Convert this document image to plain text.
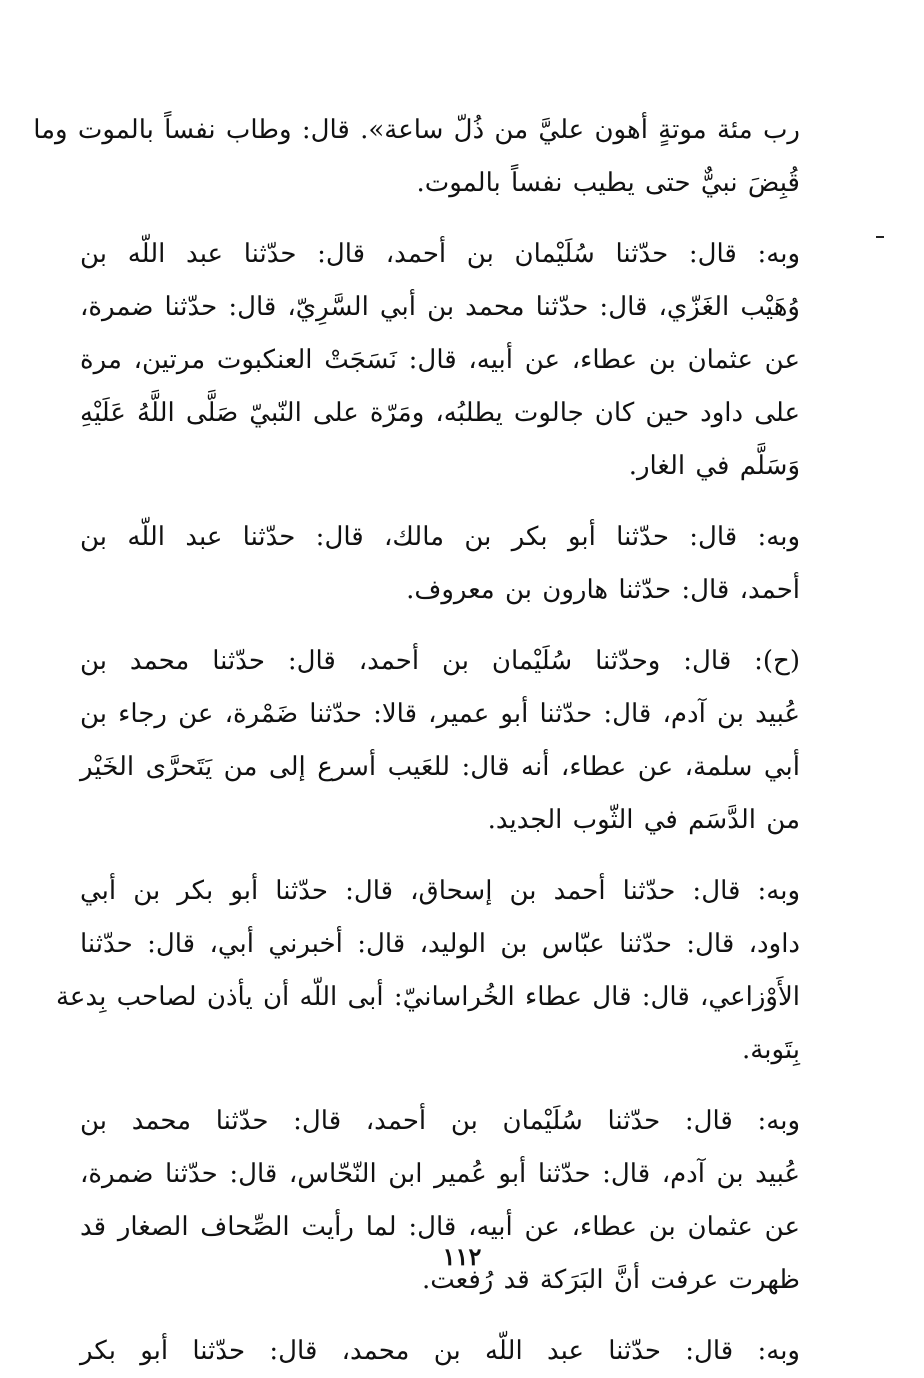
رب مئة موتةٍ أهون عليَّ من ذُلّ ساعة». قال: وطاب نفساً بالموت وما
قُبِضَ نبيٌّ حتى يطيب نفساً بالموت.
وبه: قال: حدّثنا سُلَيْمان بن أحمد، قال: حدّثنا عبد اللّه بن
وُهَيْب الغَزّي، قال: حدّثنا محمد بن أبي السَّرِيّ، قال: حدّثنا ضمرة،
عن عثمان بن عطاء، عن أبيه، قال: نَسَجَتْ العنكبوت مرتين، مرة
على داود حين كان جالوت يطلبُه، ومَرّة على النّبيّ صَلَّى اللَّهُ عَلَيْهِ
وَسَلَّم في الغار.
وبه: قال: حدّثنا أبو بكر بن مالك، قال: حدّثنا عبد اللّه بن
أحمد، قال: حدّثنا هارون بن معروف.
(ح): قال: وحدّثنا سُلَيْمان بن أحمد، قال: حدّثنا محمد بن
عُبيد بن آدم، قال: حدّثنا أبو عمير، قالا: حدّثنا ضَمْرة، عن رجاء بن
أبي سلمة، عن عطاء، أنه قال: للعَيب أسرع إلى من يَتَحرَّى الخَيْر
من الدَّسَم في الثّوب الجديد.
وبه: قال: حدّثنا أحمد بن إسحاق، قال: حدّثنا أبو بكر بن أبي
داود، قال: حدّثنا عبّاس بن الوليد، قال: أخبرني أبي، قال: حدّثنا
الأَوْزاعي، قال: قال عطاء الخُراسانيّ: أبى اللّه أن يأذن لصاحب بِدعة
بِتَوبة.
وبه: قال: حدّثنا سُلَيْمان بن أحمد، قال: حدّثنا محمد بن
عُبيد بن آدم، قال: حدّثنا أبو عُمير ابن النّحّاس، قال: حدّثنا ضمرة،
عن عثمان بن عطاء، عن أبيه، قال: لما رأيت الصِّحاف الصغار قد
ظهرت عرفت أنَّ البَرَكة قد رُفعت.
وبه: قال: حدّثنا عبد اللّه بن محمد، قال: حدّثنا أبو بكر
١١٢
